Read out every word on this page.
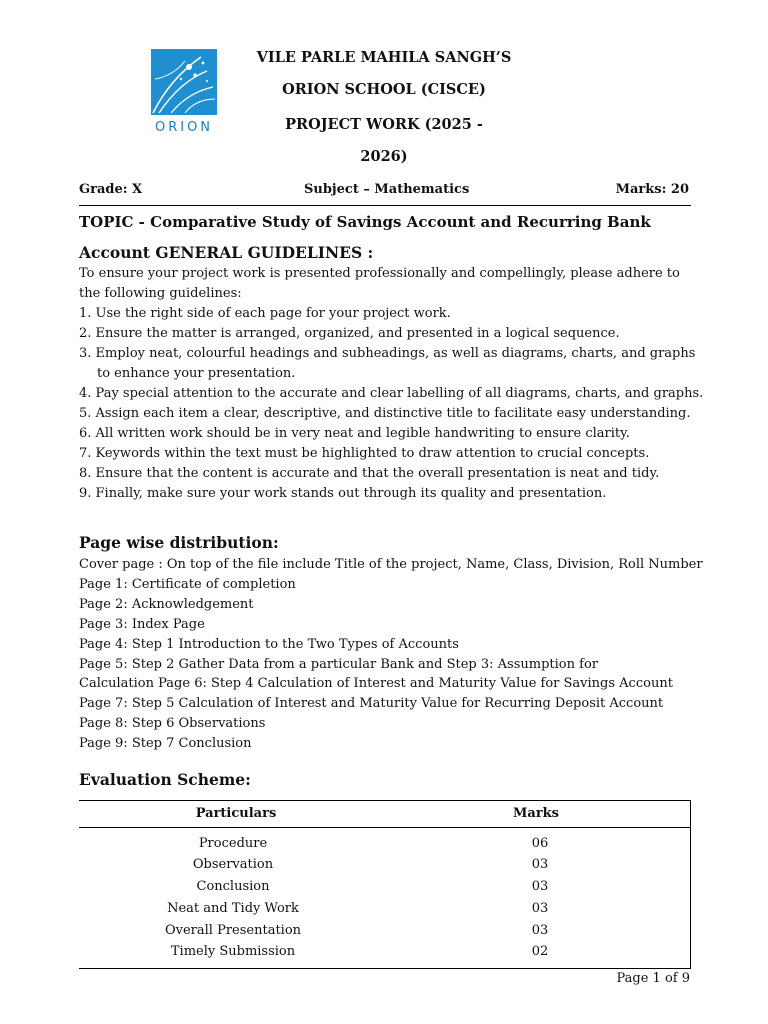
ORION
VILE PARLE MAHILA SANGH’S
ORION SCHOOL (CISCE)
PROJECT WORK (2025 -
2026)
Grade: X	Subject – Mathematics	Marks: 20
TOPIC - Comparative Study of Savings Account and Recurring Bank
Account GENERAL GUIDELINES :
To ensure your project work is presented professionally and compellingly, please adhere to
the following guidelines:
1. Use the right side of each page for your project work.
2. Ensure the matter is arranged, organized, and presented in a logical sequence.
3. Employ neat, colourful headings and subheadings, as well as diagrams, charts, and graphs
to enhance your presentation.
4. Pay special attention to the accurate and clear labelling of all diagrams, charts, and graphs.
5. Assign each item a clear, descriptive, and distinctive title to facilitate easy understanding.
6. All written work should be in very neat and legible handwriting to ensure clarity.
7. Keywords within the text must be highlighted to draw attention to crucial concepts.
8. Ensure that the content is accurate and that the overall presentation is neat and tidy.
9. Finally, make sure your work stands out through its quality and presentation.
Page wise distribution:
Cover page : On top of the file include Title of the project, Name, Class, Division, Roll Number
Page 1: Certificate of completion
Page 2: Acknowledgement
Page 3: Index Page
Page 4: Step 1 Introduction to the Two Types of Accounts
Page 5: Step 2 Gather Data from a particular Bank and Step 3: Assumption for
Calculation Page 6: Step 4 Calculation of Interest and Maturity Value for Savings Account
Page 7: Step 5 Calculation of Interest and Maturity Value for Recurring Deposit Account
Page 8: Step 6 Observations
Page 9: Step 7 Conclusion
Evaluation Scheme:
Particulars	Marks
Procedure	06
Observation	03
Conclusion	03
Neat and Tidy Work	03
Overall Presentation	03
Timely Submission	02
Page 1 of 9
